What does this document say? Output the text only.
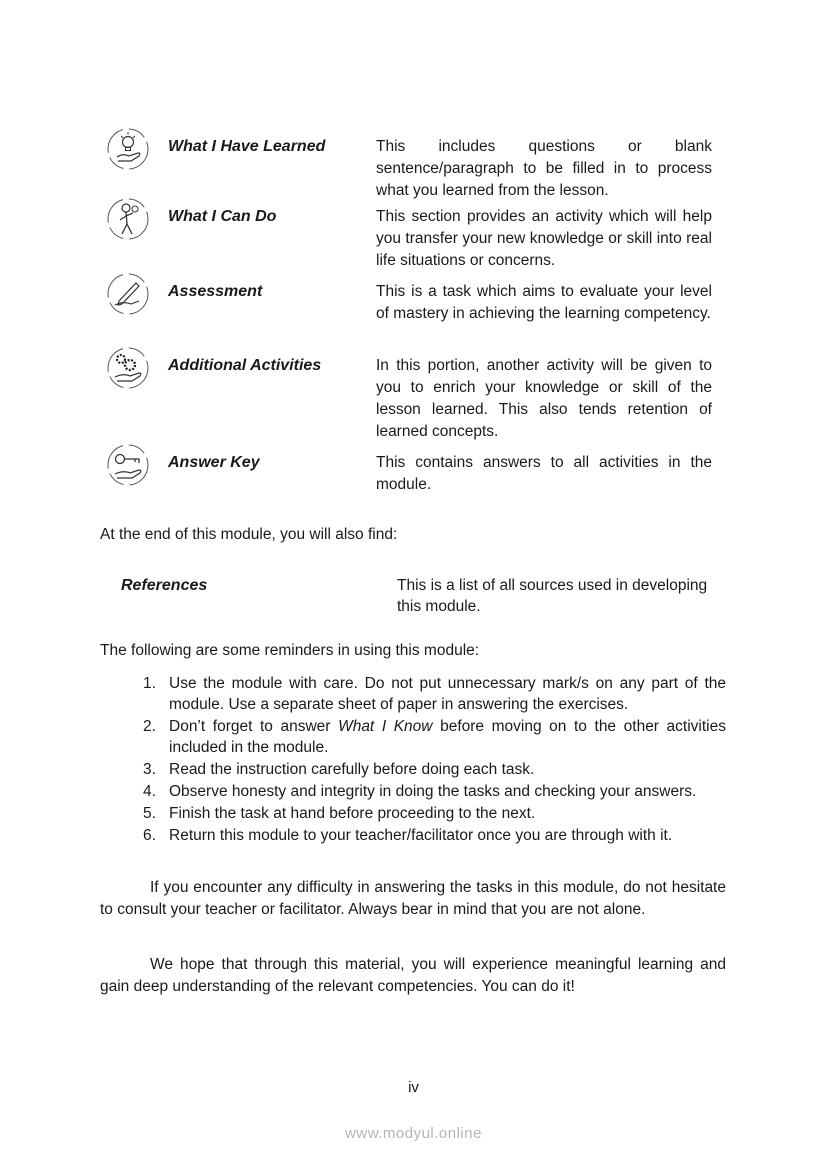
What I Have Learned	This includes questions or blank sentence/paragraph to be filled in to process what you learned from the lesson.
What I Can Do	This section provides an activity which will help you transfer your new knowledge or skill into real life situations or concerns.
Assessment	This is a task which aims to evaluate your level of mastery in achieving the learning competency.
Additional Activities	In this portion, another activity will be given to you to enrich your knowledge or skill of the lesson learned. This also tends retention of learned concepts.
Answer Key	This contains answers to all activities in the module.
At the end of this module, you will also find:
References	This is a list of all sources used in developing this module.
The following are some reminders in using this module:
1. Use the module with care. Do not put unnecessary mark/s on any part of the module. Use a separate sheet of paper in answering the exercises.
2. Don’t forget to answer What I Know before moving on to the other activities included in the module.
3. Read the instruction carefully before doing each task.
4. Observe honesty and integrity in doing the tasks and checking your answers.
5. Finish the task at hand before proceeding to the next.
6. Return this module to your teacher/facilitator once you are through with it.
If you encounter any difficulty in answering the tasks in this module, do not hesitate to consult your teacher or facilitator. Always bear in mind that you are not alone.
We hope that through this material, you will experience meaningful learning and gain deep understanding of the relevant competencies. You can do it!
iv
www.modyul.online
